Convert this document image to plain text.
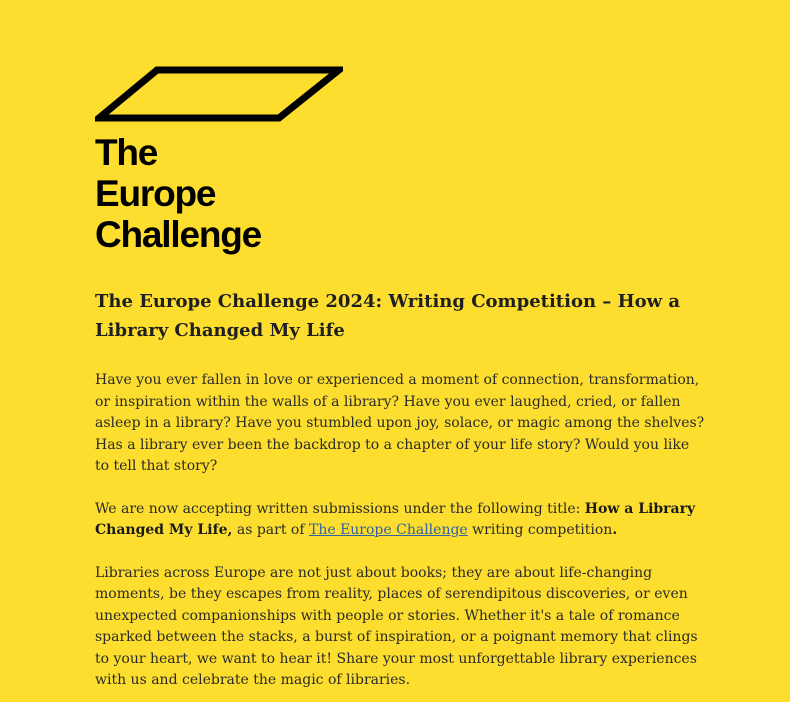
The
Europe
Challenge
The Europe Challenge 2024: Writing Competition – How a Library Changed My Life

Have you ever fallen in love or experienced a moment of connection, transformation, or inspiration within the walls of a library? Have you ever laughed, cried, or fallen asleep in a library? Have you stumbled upon joy, solace, or magic among the shelves? Has a library ever been the backdrop to a chapter of your life story? Would you like to tell that story?

We are now accepting written submissions under the following title: How a Library Changed My Life, as part of The Europe Challenge writing competition.

Libraries across Europe are not just about books; they are about life-changing moments, be they escapes from reality, places of serendipitous discoveries, or even unexpected companionships with people or stories. Whether it's a tale of romance sparked between the stacks, a burst of inspiration, or a poignant memory that clings to your heart, we want to hear it! Share your most unforgettable library experiences with us and celebrate the magic of libraries.
